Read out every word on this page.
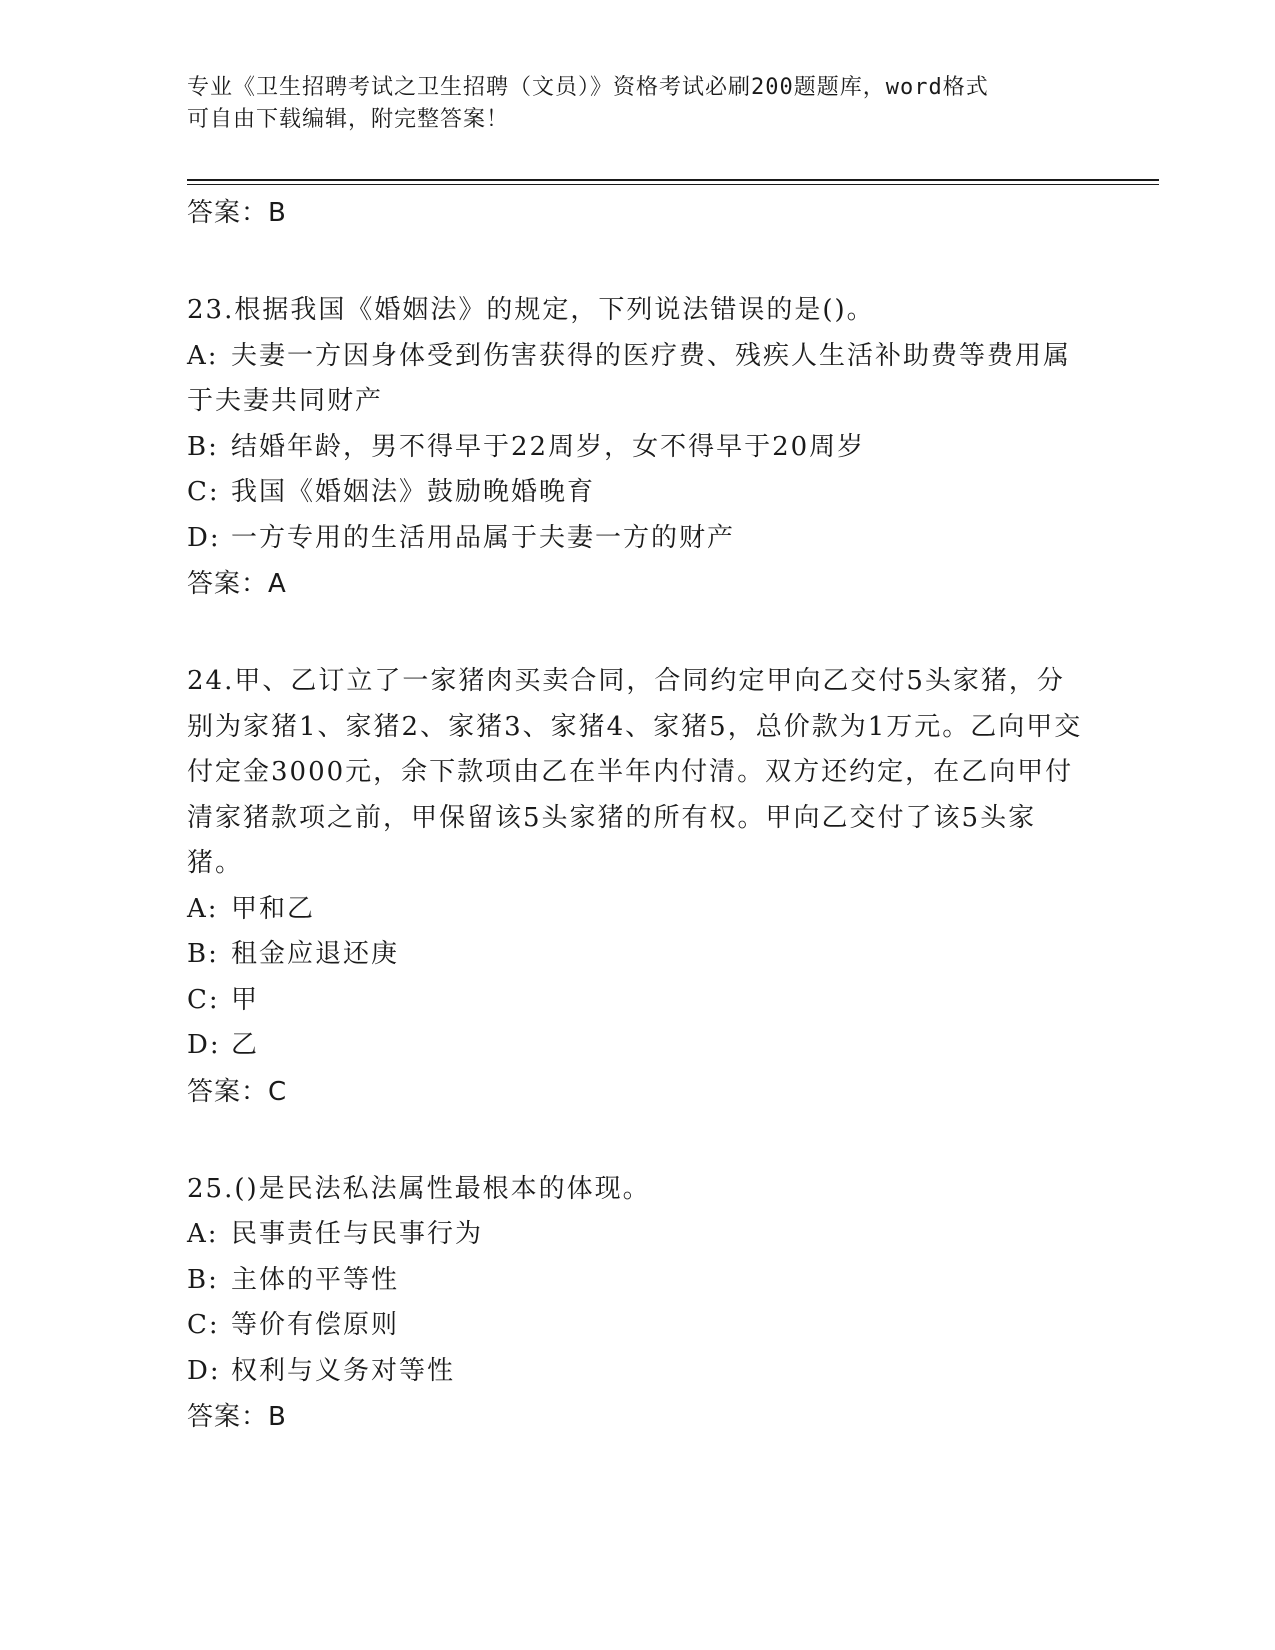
专业《卫生招聘考试之卫生招聘（文员）》资格考试必刷200题题库，word格式
可自由下载编辑，附完整答案！
答案：B
23.根据我国《婚姻法》的规定，下列说法错误的是()。
A: 夫妻一方因身体受到伤害获得的医疗费、残疾人生活补助费等费用属于夫妻共同财产
B: 结婚年龄，男不得早于22周岁，女不得早于20周岁
C: 我国《婚姻法》鼓励晚婚晚育
D: 一方专用的生活用品属于夫妻一方的财产
答案：A
24.甲、乙订立了一家猪肉买卖合同，合同约定甲向乙交付5头家猪，分别为家猪1、家猪2、家猪3、家猪4、家猪5，总价款为1万元。乙向甲交付定金3000元，余下款项由乙在半年内付清。双方还约定，在乙向甲付清家猪款项之前，甲保留该5头家猪的所有权。甲向乙交付了该5头家猪。
A: 甲和乙
B: 租金应退还庚
C: 甲
D: 乙
答案：C
25.()是民法私法属性最根本的体现。
A: 民事责任与民事行为
B: 主体的平等性
C: 等价有偿原则
D: 权利与义务对等性
答案：B
